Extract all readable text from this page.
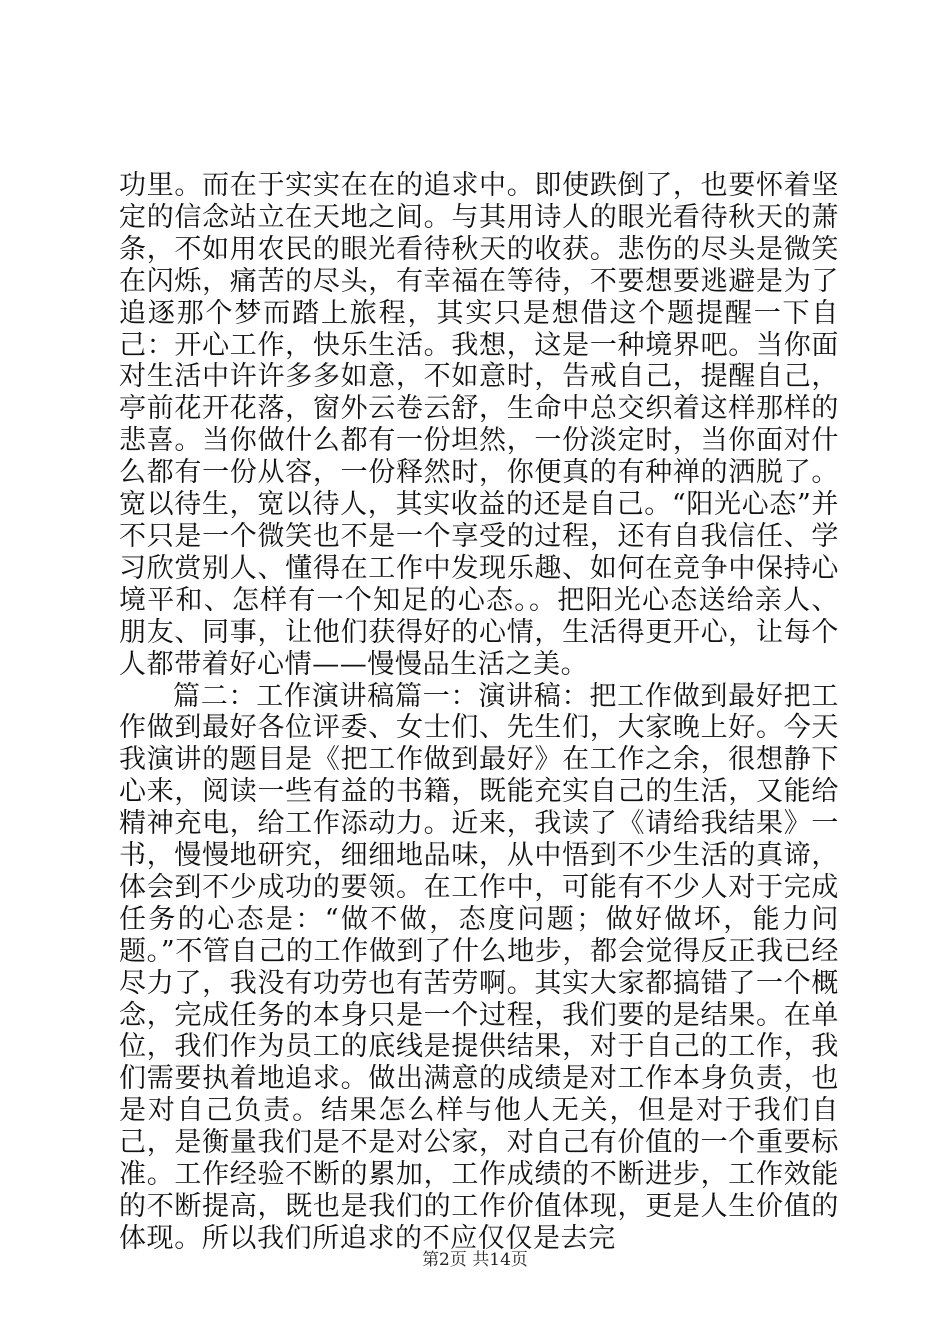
功里。而在于实实在在的追求中。即使跌倒了，也要怀着坚定的信念站立在天地之间。与其用诗人的眼光看待秋天的萧条，不如用农民的眼光看待秋天的收获。悲伤的尽头是微笑在闪烁，痛苦的尽头，有幸福在等待，不要想要逃避是为了追逐那个梦而踏上旅程，其实只是想借这个题提醒一下自己：开心工作，快乐生活。我想，这是一种境界吧。当你面对生活中许许多多如意，不如意时，告戒自己，提醒自己，亭前花开花落，窗外云卷云舒，生命中总交织着这样那样的悲喜。当你做什么都有一份坦然，一份淡定时，当你面对什么都有一份从容，一份释然时，你便真的有种禅的洒脱了。宽以待生，宽以待人，其实收益的还是自己。“阳光心态”并不只是一个微笑也不是一个享受的过程，还有自我信任、学习欣赏别人、懂得在工作中发现乐趣、如何在竞争中保持心境平和、怎样有一个知足的心态。。把阳光心态送给亲人、朋友、同事，让他们获得好的心情，生活得更开心，让每个人都带着好心情——慢慢品生活之美。

篇二：工作演讲稿篇一：演讲稿：把工作做到最好把工作做到最好各位评委、女士们、先生们，大家晚上好。今天我演讲的题目是《把工作做到最好》在工作之余，很想静下心来，阅读一些有益的书籍，既能充实自己的生活，又能给精神充电，给工作添动力。近来，我读了《请给我结果》一书，慢慢地研究，细细地品味，从中悟到不少生活的真谛，体会到不少成功的要领。在工作中，可能有不少人对于完成任务的心态是：“做不做，态度问题；做好做坏，能力问题。”不管自己的工作做到了什么地步，都会觉得反正我已经尽力了，我没有功劳也有苦劳啊。其实大家都搞错了一个概念，完成任务的本身只是一个过程，我们要的是结果。在单位，我们作为员工的底线是提供结果，对于自己的工作，我们需要执着地追求。做出满意的成绩是对工作本身负责，也是对自己负责。结果怎么样与他人无关，但是对于我们自己，是衡量我们是不是对公家，对自己有价值的一个重要标准。工作经验不断的累加，工作成绩的不断进步，工作效能的不断提高，既也是我们的工作价值体现，更是人生价值的体现。所以我们所追求的不应仅仅是去完

第2页 共14页
